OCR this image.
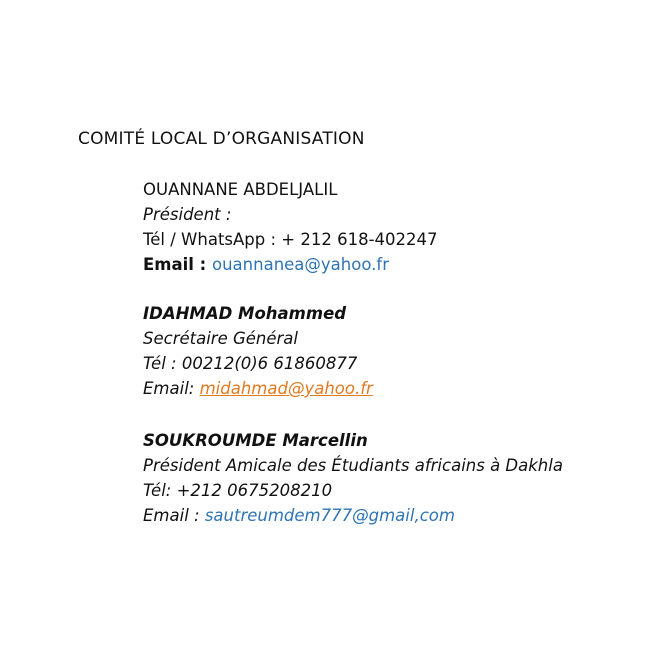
COMITÉ LOCAL D’ORGANISATION
OUANNANE ABDELJALIL
Président :
Tél / WhatsApp : + 212 618-402247
Email : ouannanea@yahoo.fr
IDAHMAD Mohammed
Secrétaire Général
Tél : 00212(0)6 61860877
Email: midahmad@yahoo.fr
SOUKROUMDE Marcellin
Président Amicale des Étudiants africains à Dakhla
Tél: +212 0675208210
Email : sautreumdem777@gmail,com
